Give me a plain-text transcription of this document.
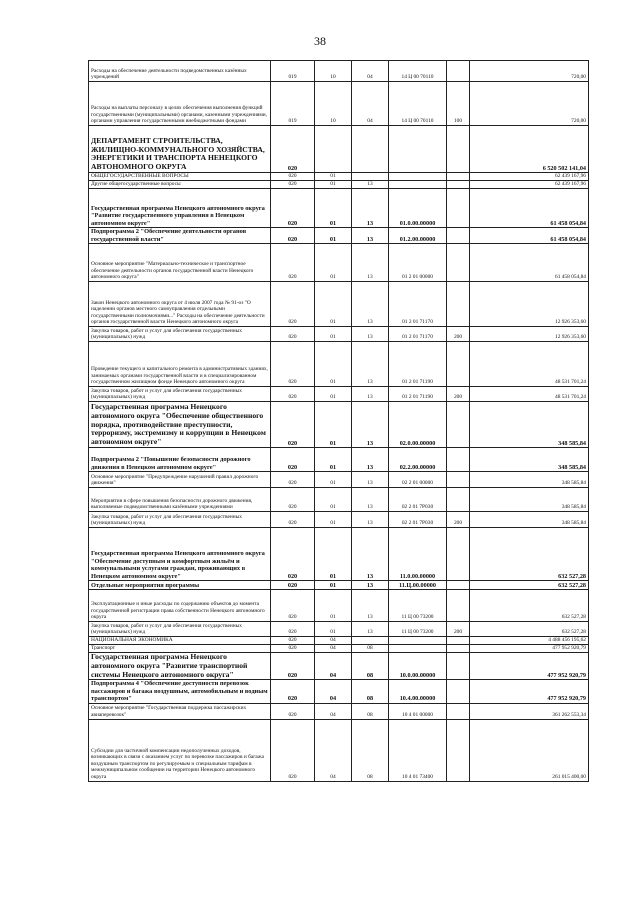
38
Расходы на обеспечение деятельности подведомственных казённых учреждений	019	10	04	14 Ц 00 70110		720,00
Расходы на выплаты персоналу в целях обеспечения выполнения функций государственными (муниципальными) органами, казенными учреждениями, органами управления государственными внебюджетными фондами	019	10	04	14 Ц 00 70110	100	720,00
ДЕПАРТАМЕНТ СТРОИТЕЛЬСТВА, ЖИЛИЩНО-КОММУНАЛЬНОГО ХОЗЯЙСТВА, ЭНЕРГЕТИКИ И ТРАНСПОРТА НЕНЕЦКОГО АВТОНОМНОГО ОКРУГА	020					6 520 502 141,04
ОБЩЕГОСУДАРСТВЕННЫЕ ВОПРОСЫ	020	01				62 439 167,96
Другие общегосударственные вопросы	020	01	13			62 439 167,96
Государственная программа Ненецкого автономного округа "Развитие государственного управления в Ненецком автономном округе"	020	01	13	01.0.00.00000		61 458 054,84
Подпрограмма 2 "Обеспечение деятельности органов государственной власти"	020	01	13	01.2.00.00000		61 458 054,84
Основное мероприятие "Материально-техническое и транспортное обеспечение деятельности органов государственной власти Ненецкого автономного округа"	020	01	13	01 2 01 00000		61 458 054,84
Закон Ненецкого автономного округа от 4 июля 2007 года № 91-оз "О наделении органов местного самоуправления отдельными государственными полномочиями..." Расходы на обеспечение деятельности органов государственной власти Ненецкого автономного округа	020	01	13	01 2 01 71170		12 926 353,60
Закупка товаров, работ и услуг для обеспечения государственных (муниципальных) нужд	020	01	13	01 2 01 71170	200	12 926 353,60
Проведение текущего и капитального ремонта в административных зданиях, занимаемых органами государственной власти и в специализированном государственном жилищном фонде Ненецкого автономного округа	020	01	13	01 2 01 71190		48 531 701,24
Закупка товаров, работ и услуг для обеспечения государственных (муниципальных) нужд	020	01	13	01 2 01 71190	200	48 531 701,24
Государственная программа Ненецкого автономного округа "Обеспечение общественного порядка, противодействие преступности, терроризму, экстремизму и коррупции в Ненецком автономном округе"	020	01	13	02.0.00.00000		348 585,84
Подпрограмма 2 "Повышение безопасности дорожного движения в Ненецком автономном округе"	020	01	13	02.2.00.00000		348 585,84
Основное мероприятие "Предупреждение нарушений правил дорожного движения"	020	01	13	02 2 01 00000		348 585,84
Мероприятия в сфере повышения безопасности дорожного движения, выполняемые подведомственными казёнными учреждениями	020	01	13	02 2 01 7Р030		348 585,84
Закупка товаров, работ и услуг для обеспечения государственных (муниципальных) нужд	020	01	13	02 2 01 7Р030	200	348 585,84
Государственная программа Ненецкого автономного округа "Обеспечение доступным и комфортным жильём и коммунальными услугами граждан, проживающих в Ненецком автономном округе"	020	01	13	11.0.00.00000		632 527,28
Отдельные мероприятия программы	020	01	13	11.Ц.00.00000		632 527,28
Эксплуатационные и иные расходы по содержанию объектов до момента государственной регистрации права собственности Ненецкого автономного округа	020	01	13	11 Ц 00 73200		632 527,28
Закупка товаров, работ и услуг для обеспечения государственных (муниципальных) нужд	020	01	13	11 Ц 00 73200	200	632 527,28
НАЦИОНАЛЬНАЯ ЭКОНОМИКА	020	04				4 488 456 195,62
Транспорт	020	04	08			477 952 920,79
Государственная программа Ненецкого автономного округа "Развитие транспортной системы Ненецкого автономного округа"	020	04	08	10.0.00.00000		477 952 920,79
Подпрограмма 4 "Обеспечение доступности перевозок пассажиров и багажа воздушным, автомобильным и водным транспортом"	020	04	08	10.4.00.00000		477 952 920,79
Основное мероприятие "Государственная поддержка пассажирских авиаперевозок"	020	04	08	10 4 01 00000		361 262 553,34
Субсидии для частичной компенсации недополученных доходов, возникающих в связи с оказанием услуг по перевозке пассажиров и багажа воздушным транспортом по регулируемым и специальным тарифам в межмуниципальном сообщении на территории Ненецкого автономного округа	020	04	08	10 4 01 73400		261 015 400,00
